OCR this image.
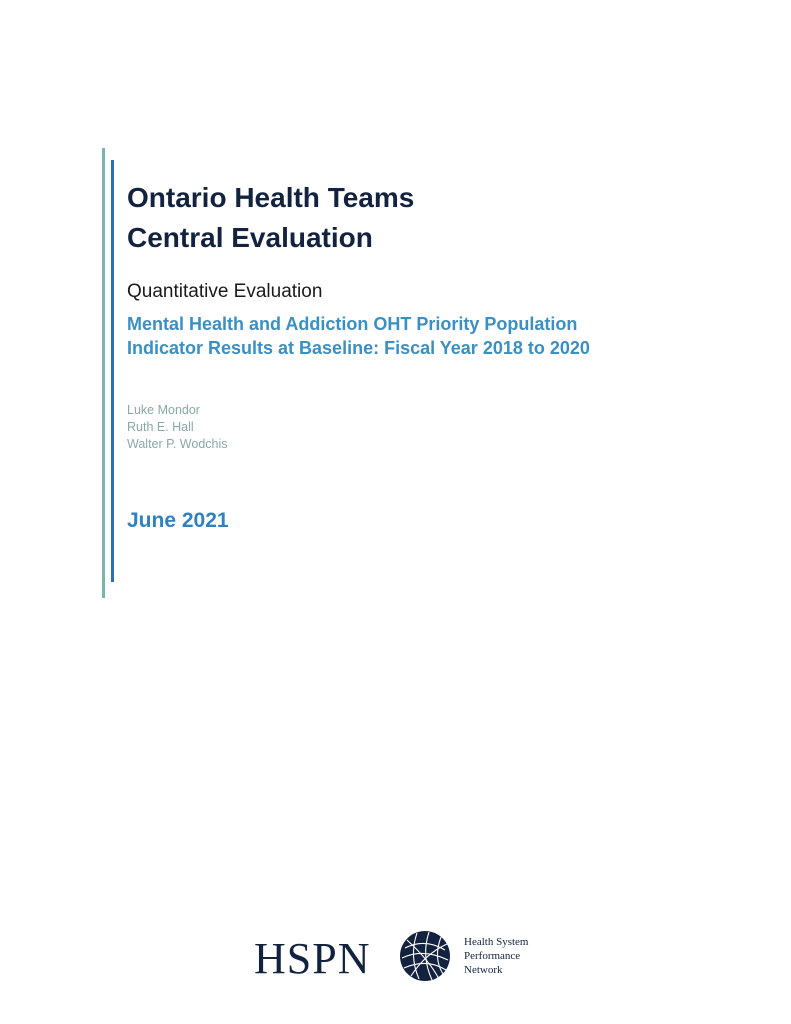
Ontario Health Teams
Central Evaluation
Quantitative Evaluation
Mental Health and Addiction OHT Priority Population
Indicator Results at Baseline: Fiscal Year 2018 to 2020
Luke Mondor
Ruth E. Hall
Walter P. Wodchis
June 2021
HSPN	Health System
Performance
Network
